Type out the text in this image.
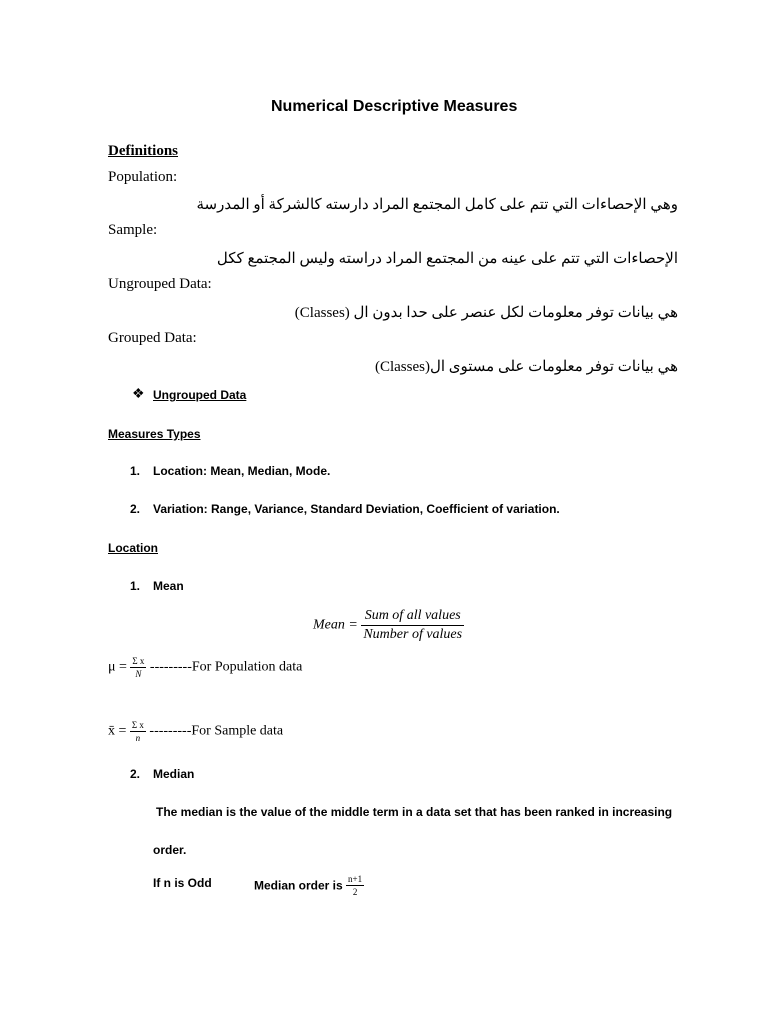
Numerical Descriptive Measures
Definitions
Population:
وهي الإحصاءات التي تتم على كامل المجتمع المراد دارسته كالشركة أو المدرسة
Sample:
الإحصاءات التي تتم على عينه من المجتمع المراد دراسته وليس المجتمع ككل
Ungrouped Data:
هي بيانات توفر معلومات لكل عنصر على حدا بدون ال (Classes)
Grouped Data:
هي بيانات توفر معلومات على مستوى ال(Classes)
❖ Ungrouped Data
Measures Types
1. Location: Mean, Median, Mode.
2. Variation: Range, Variance, Standard Deviation, Coefficient of variation.
Location
1. Mean
Mean = $\frac{\text{Sum of all values}}{\text{Number of values}}$
$\mu = \frac{\text{Σ x}}{N} ---------For$ Population data
x̄ = $\frac{\text{Σ x}}{n} ---------For$ Sample data
2. Median
The median is the value of the middle term in a data set that has been ranked in increasing
order.
If n is Odd	Median order is $\frac{n+1}{2}$
